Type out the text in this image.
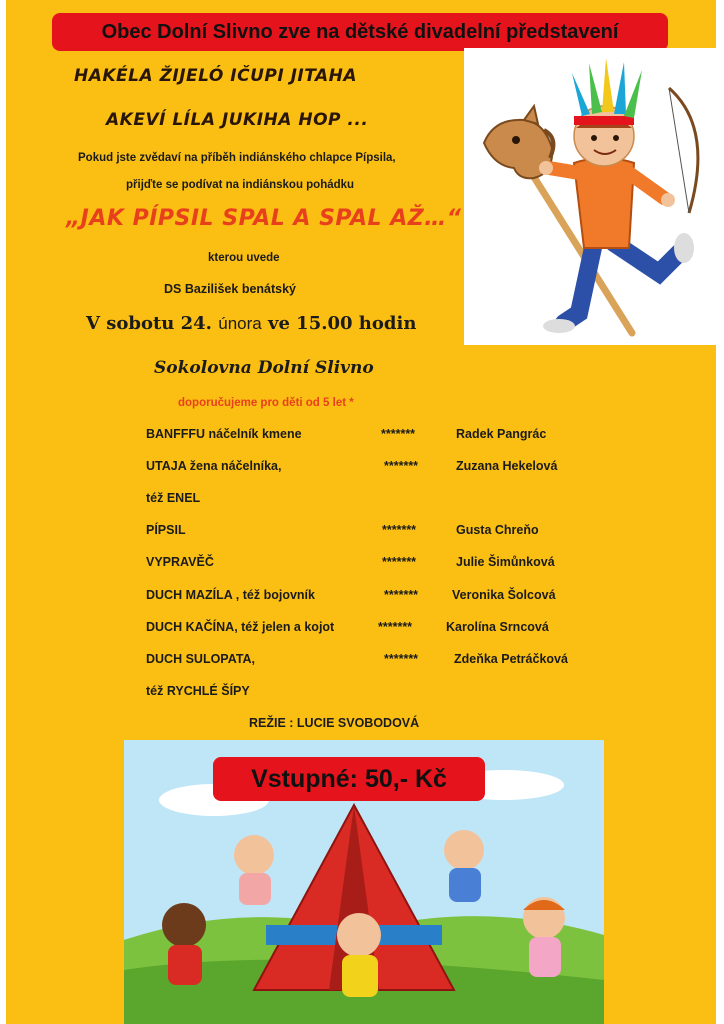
Obec Dolní Slivno zve na dětské divadelní představení
HAKÉLA ŽIJELÓ IČUPI JITAHA
AKEVÍ LÍLA JUKIHA HOP ...
Pokud jste zvědaví na příběh indiánského chlapce Pípsila,
přijďte se podívat na indiánskou pohádku
„JAK PÍPSIL SPAL A SPAL AŽ…“
kterou uvede
DS Bazilišek benátský
V sobotu 24. února ve 15.00 hodin
Sokolovna Dolní Slivno
doporučujeme pro děti od 5 let *
BANFFFU náčelník kmene	*******	Radek Pangrác
UTAJA žena náčelníka,	*******	Zuzana Hekelová
též ENEL
PÍPSIL	*******	Gusta Chreňo
VYPRAVĚČ	*******	Julie Šimůnková
DUCH MAZÍLA , též bojovník	*******	Veronika Šolcová
DUCH KAČÍNA, též jelen a kojot	*******	Karolína Srncová
DUCH SULOPATA,	*******	Zdeňka Petráčková
též RYCHLÉ ŠÍPY
REŽIE : LUCIE SVOBODOVÁ
Vstupné: 50,- Kč
